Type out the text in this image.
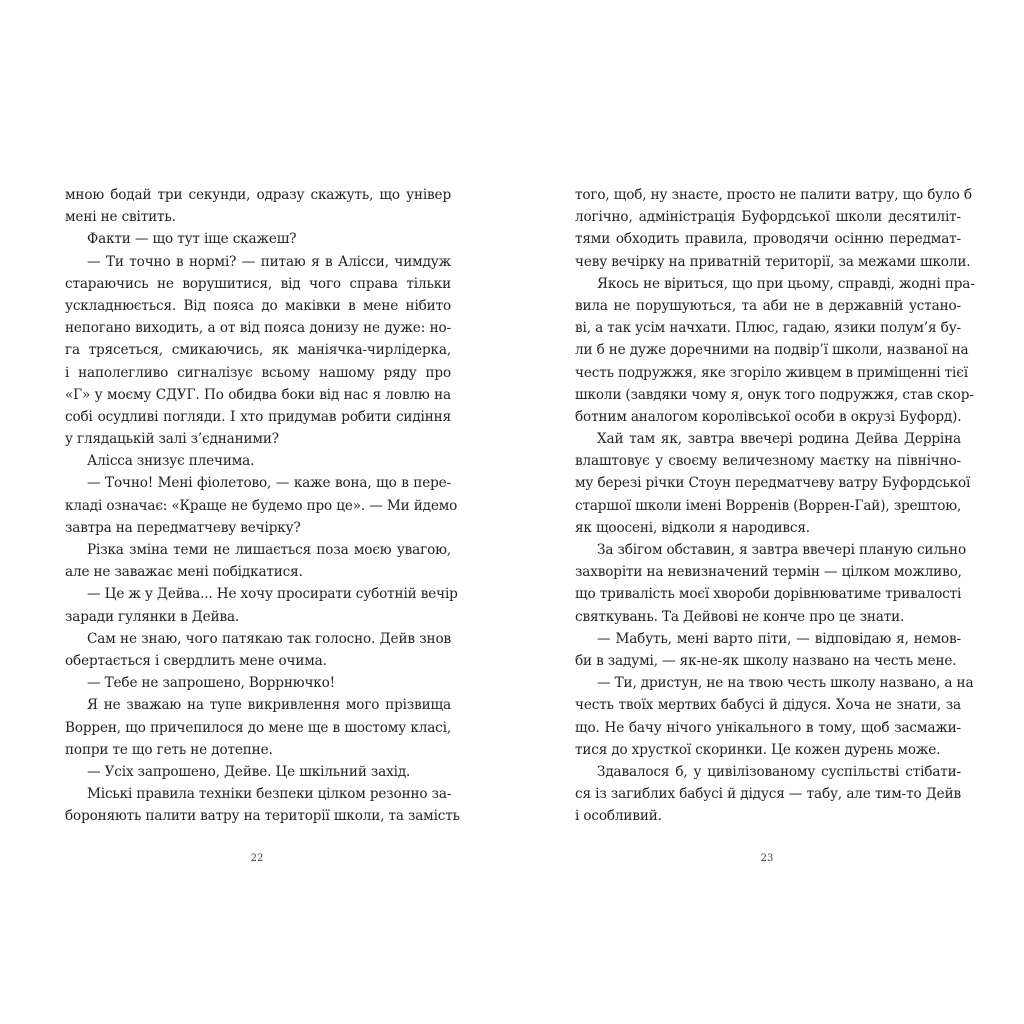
мною бодай три секунди, одразу скажуть, що універ
мені не світить.
Факти — що тут іще скажеш?
— Ти точно в нормі? — питаю я в Алісси, чимдуж
стараючись не ворушитися, від чого справа тільки
ускладнюється. Від пояса до маківки в мене нібито
непогано виходить, а от від пояса донизу не дуже: но-
га трясеться, смикаючись, як маніячка-чирлідерка,
і наполегливо сигналізує всьому нашому ряду про
«Г» у моєму СДУГ. По обидва боки від нас я ловлю на
собі осудливі погляди. І хто придумав робити сидіння
у глядацькій залі з’єднаними?
Алісса знизує плечима.
— Точно! Мені фіолетово, — каже вона, що в пере-
кладі означає: «Краще не будемо про це». — Ми йдемо
завтра на передматчеву вечірку?
Різка зміна теми не лишається поза моєю увагою,
але не заважає мені побідкатися.
— Це ж у Дейва... Не хочу просирати суботній вечір
заради гулянки в Дейва.
Сам не знаю, чого патякаю так голосно. Дейв знов
обертається і свердлить мене очима.
— Тебе не запрошено, Воррнючко!
Я не зважаю на тупе викривлення мого прізвища
Воррен, що причепилося до мене ще в шостому класі,
попри те що геть не дотепне.
— Усіх запрошено, Дейве. Це шкільний захід.
Міські правила техніки безпеки цілком резонно за-
бороняють палити ватру на території школи, та замість
того, щоб, ну знаєте, просто не палити ватру, що було б
логічно, адміністрація Буфордської школи десятиліт-
тями обходить правила, проводячи осінню передмат-
чеву вечірку на приватній території, за межами школи.
Якось не віриться, що при цьому, справді, жодні пра-
вила не порушуються, та аби не в державній устано-
ві, а так усім начхати. Плюс, гадаю, язики полум’я бу-
ли б не дуже доречними на подвір’ї школи, названої на
честь подружжя, яке згоріло живцем в приміщенні тієї
школи (завдяки чому я, онук того подружжя, став скор-
ботним аналогом королівської особи в окрузі Буфорд).
Хай там як, завтра ввечері родина Дейва Дерріна
влаштовує у своєму величезному маєтку на північно-
му березі річки Стоун передматчеву ватру Буфордської
старшої школи імені Ворренів (Воррен-Гай), зрештою,
як щоосені, відколи я народився.
За збігом обставин, я завтра ввечері планую сильно
захворіти на невизначений термін — цілком можливо,
що тривалість моєї хвороби дорівнюватиме тривалості
святкувань. Та Дейвові не конче про це знати.
— Мабуть, мені варто піти, — відповідаю я, немов-
би в задумі, — як-не-як школу названо на честь мене.
— Ти, дристун, не на твою честь школу названо, а на
честь твоїх мертвих бабусі й дідуся. Хоча не знати, за
що. Не бачу нічого унікального в тому, щоб засмажи-
тися до хрусткої скоринки. Це кожен дурень може.
Здавалося б, у цивілізованому суспільстві стібати-
ся із загиблих бабусі й дідуся — табу, але тим-то Дейв
і особливий.
22	23
